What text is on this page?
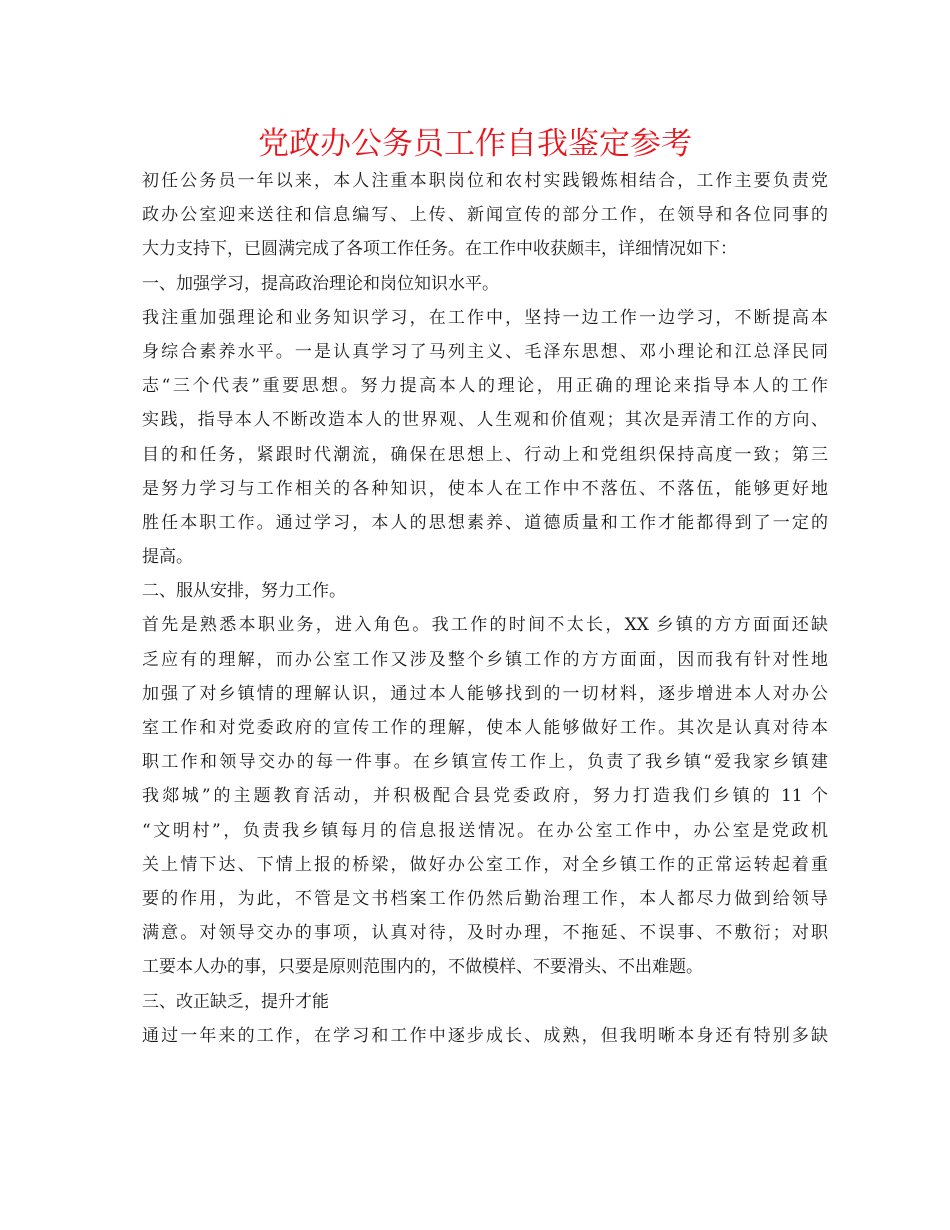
党政办公务员工作自我鉴定参考
初任公务员一年以来，本人注重本职岗位和农村实践锻炼相结合，工作主要负责党
政办公室迎来送往和信息编写、上传、新闻宣传的部分工作，在领导和各位同事的
大力支持下，已圆满完成了各项工作任务。在工作中收获颇丰，详细情况如下：
一、加强学习，提高政治理论和岗位知识水平。
我注重加强理论和业务知识学习，在工作中，坚持一边工作一边学习，不断提高本
身综合素养水平。一是认真学习了马列主义、毛泽东思想、邓小理论和江总泽民同
志“三个代表”重要思想。努力提高本人的理论，用正确的理论来指导本人的工作
实践，指导本人不断改造本人的世界观、人生观和价值观；其次是弄清工作的方向、
目的和任务，紧跟时代潮流，确保在思想上、行动上和党组织保持高度一致；第三
是努力学习与工作相关的各种知识，使本人在工作中不落伍、不落伍，能够更好地
胜任本职工作。通过学习，本人的思想素养、道德质量和工作才能都得到了一定的
提高。
二、服从安排，努力工作。
首先是熟悉本职业务，进入角色。我工作的时间不太长，XX 乡镇的方方面面还缺
乏应有的理解，而办公室工作又涉及整个乡镇工作的方方面面，因而我有针对性地
加强了对乡镇情的理解认识，通过本人能够找到的一切材料，逐步增进本人对办公
室工作和对党委政府的宣传工作的理解，使本人能够做好工作。其次是认真对待本
职工作和领导交办的每一件事。在乡镇宣传工作上，负责了我乡镇“爱我家乡镇建
我郯城”的主题教育活动，并积极配合县党委政府，努力打造我们乡镇的 11 个
“文明村”，负责我乡镇每月的信息报送情况。在办公室工作中，办公室是党政机
关上情下达、下情上报的桥梁，做好办公室工作，对全乡镇工作的正常运转起着重
要的作用，为此，不管是文书档案工作仍然后勤治理工作，本人都尽力做到给领导
满意。对领导交办的事项，认真对待，及时办理，不拖延、不误事、不敷衍；对职
工要本人办的事，只要是原则范围内的，不做模样、不要滑头、不出难题。
三、改正缺乏，提升才能
通过一年来的工作，在学习和工作中逐步成长、成熟，但我明晰本身还有特别多缺
